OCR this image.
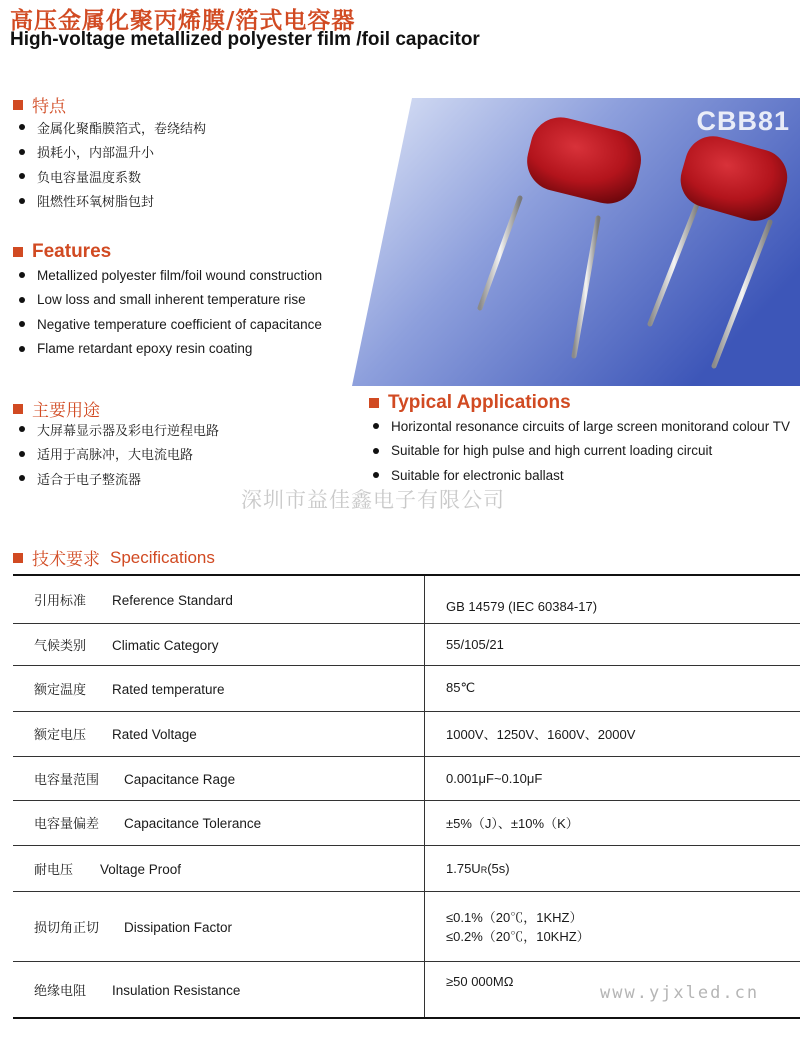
高压金属化聚丙烯膜/箔式电容器
High-voltage metallized polyester film /foil capacitor
特点
金属化聚酯膜箔式，卷绕结构
损耗小，内部温升小
负电容量温度系数
阻燃性环氧树脂包封
Features
Metallized polyester film/foil wound construction
Low loss and small inherent temperature rise
Negative temperature coefficient of capacitance
Flame retardant epoxy resin coating

CBB81

主要用途
大屏幕显示器及彩电行逆程电路
适用于高脉冲，大电流电路
适合于电子整流器
Typical Applications
Horizontal resonance circuits of large screen monitorand colour TV
Suitable for high pulse and high current loading circuit
Suitable for electronic ballast

深圳市益佳鑫电子有限公司

技术要求 Specifications
引用标准 Reference Standard	GB 14579 (IEC 60384-17)
气候类别 Climatic Category	55/105/21
额定温度 Rated temperature	85℃
额定电压 Rated Voltage	1000V、1250V、1600V、2000V
电容量范围 Capacitance Rage	0.001μF~0.10μF
电容量偏差 Capacitance Tolerance	±5%（J）、±10%（K）
耐电压 Voltage Proof	1.75UR(5s)
损切角正切 Dissipation Factor	≤0.1%（20℃，1KHZ）
≤0.2%（20℃，10KHZ）

绝缘电阻 Insulation Resistance	≥50 000MΩ

www.yjxled.cn
